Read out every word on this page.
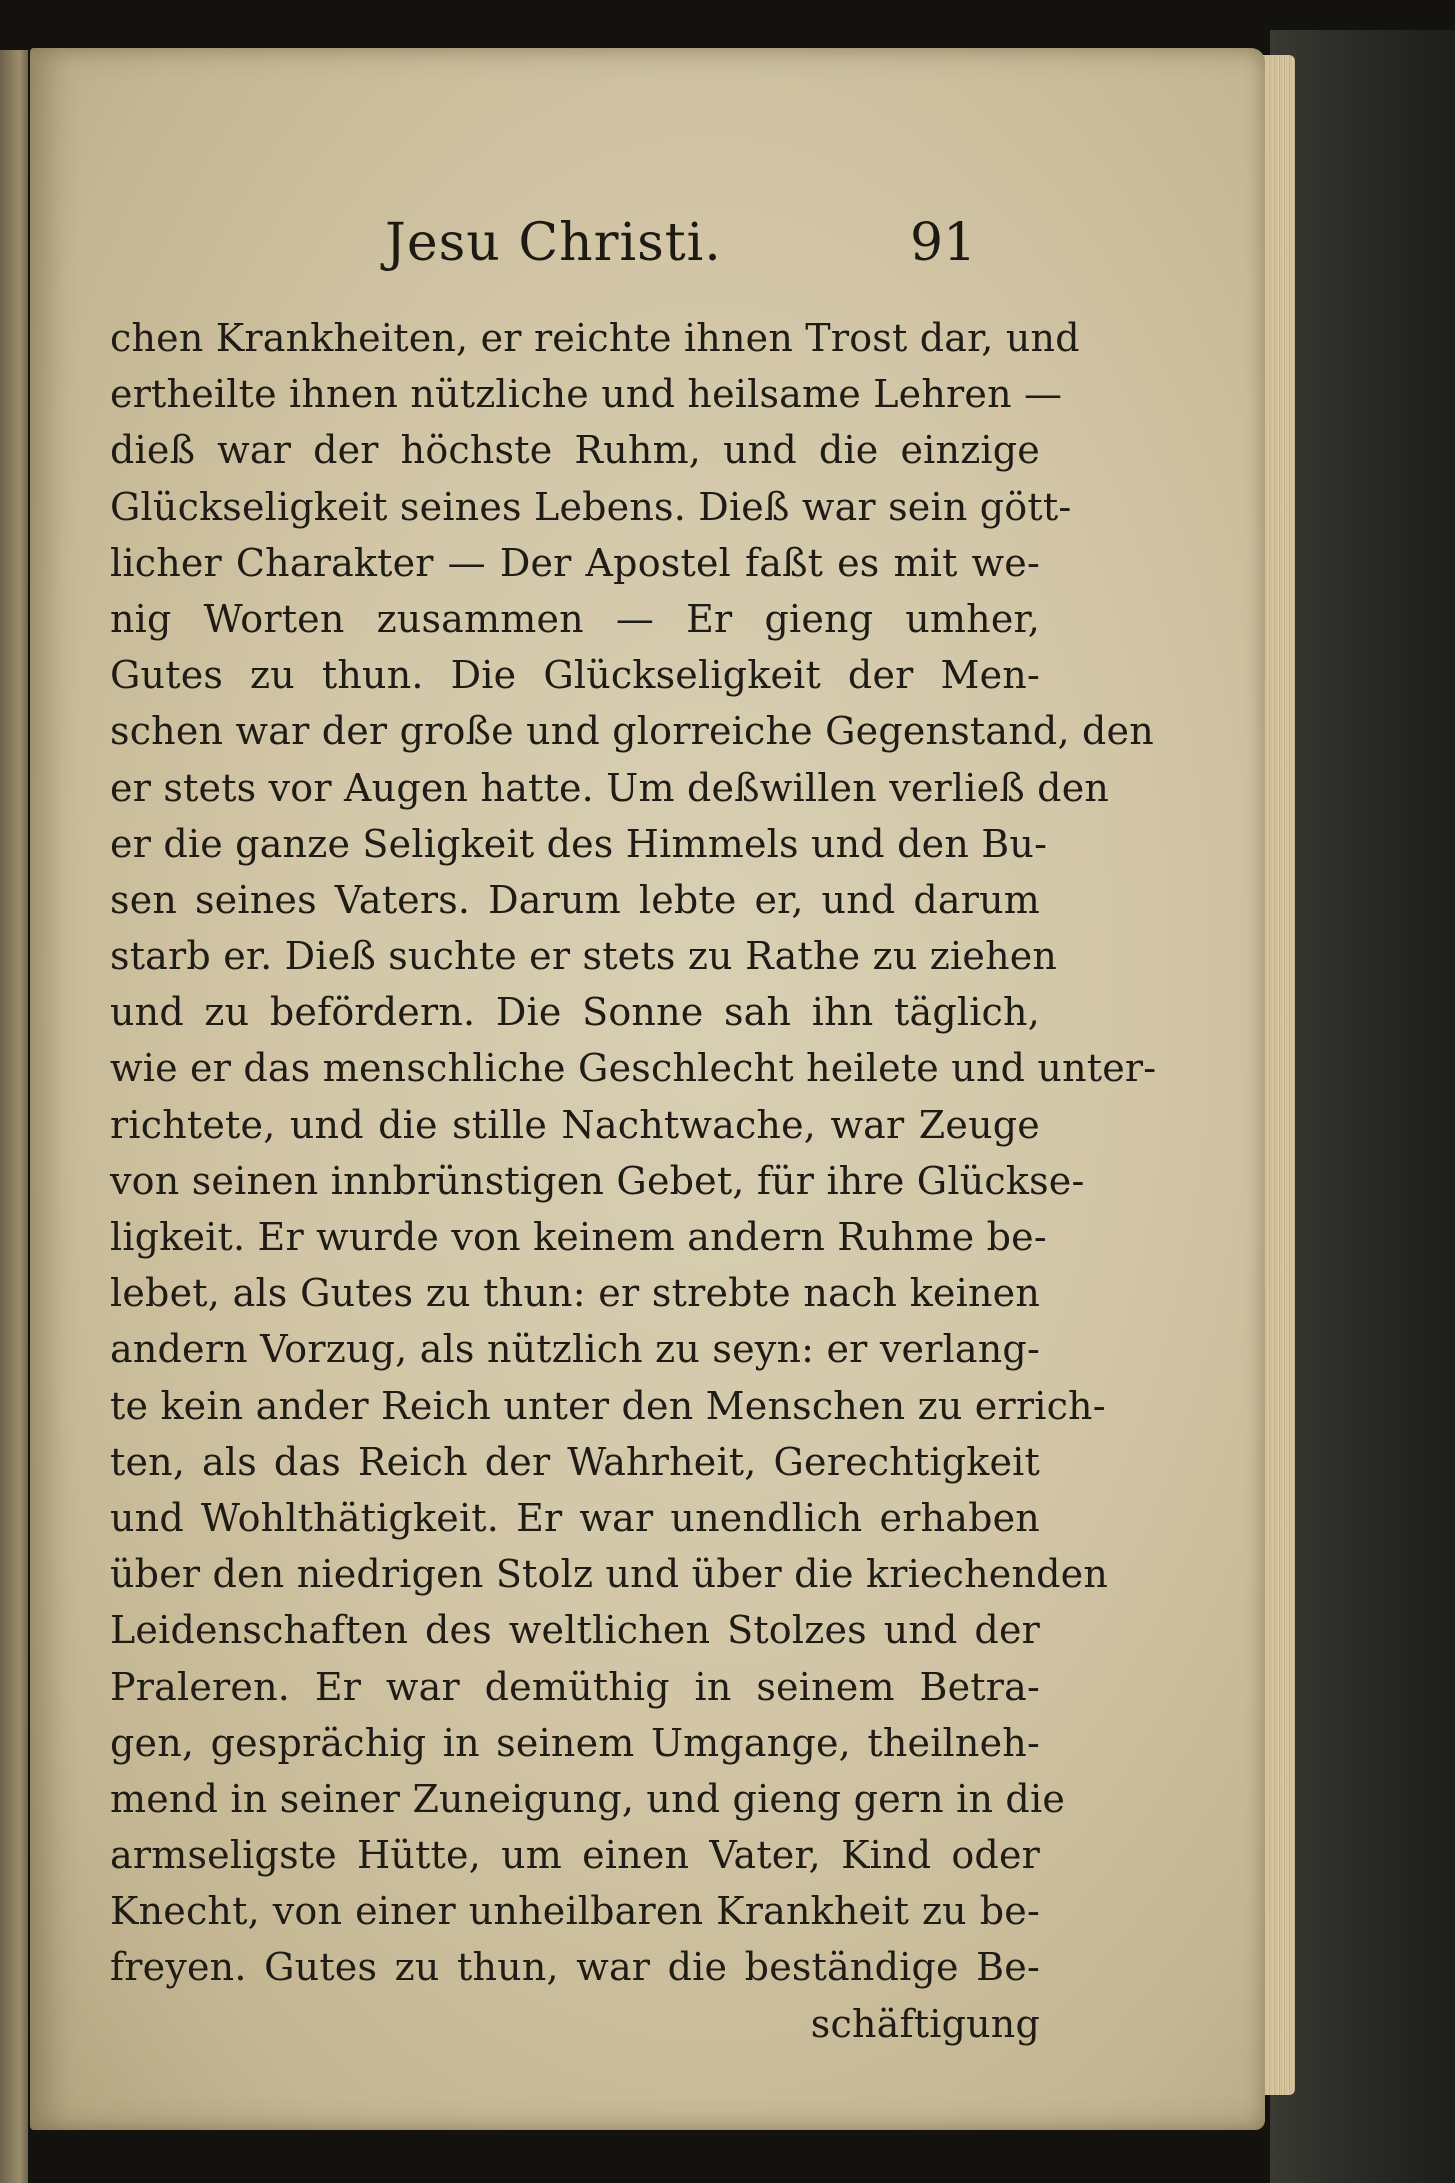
Jesu Christi.	91
chen Krankheiten, er reichte ihnen Trost dar, und
ertheilte ihnen nützliche und heilsame Lehren —
dieß war der höchste Ruhm, und die einzige
Glückseligkeit seines Lebens. Dieß war sein gött-
licher Charakter — Der Apostel faßt es mit we-
nig Worten zusammen — Er gieng umher,
Gutes zu thun. Die Glückseligkeit der Men-
schen war der große und glorreiche Gegenstand, den
er stets vor Augen hatte. Um deßwillen verließ den
er die ganze Seligkeit des Himmels und den Bu-
sen seines Vaters. Darum lebte er, und darum
starb er. Dieß suchte er stets zu Rathe zu ziehen
und zu befördern. Die Sonne sah ihn täglich,
wie er das menschliche Geschlecht heilete und unter-
richtete, und die stille Nachtwache, war Zeuge
von seinen innbrünstigen Gebet, für ihre Glückse-
ligkeit. Er wurde von keinem andern Ruhme be-
lebet, als Gutes zu thun: er strebte nach keinen
andern Vorzug, als nützlich zu seyn: er verlang-
te kein ander Reich unter den Menschen zu errich-
ten, als das Reich der Wahrheit, Gerechtigkeit
und Wohlthätigkeit. Er war unendlich erhaben
über den niedrigen Stolz und über die kriechenden
Leidenschaften des weltlichen Stolzes und der
Praleren. Er war demüthig in seinem Betra-
gen, gesprächig in seinem Umgange, theilneh-
mend in seiner Zuneigung, und gieng gern in die
armseligste Hütte, um einen Vater, Kind oder
Knecht, von einer unheilbaren Krankheit zu be-
freyen. Gutes zu thun, war die beständige Be-
schäftigung
